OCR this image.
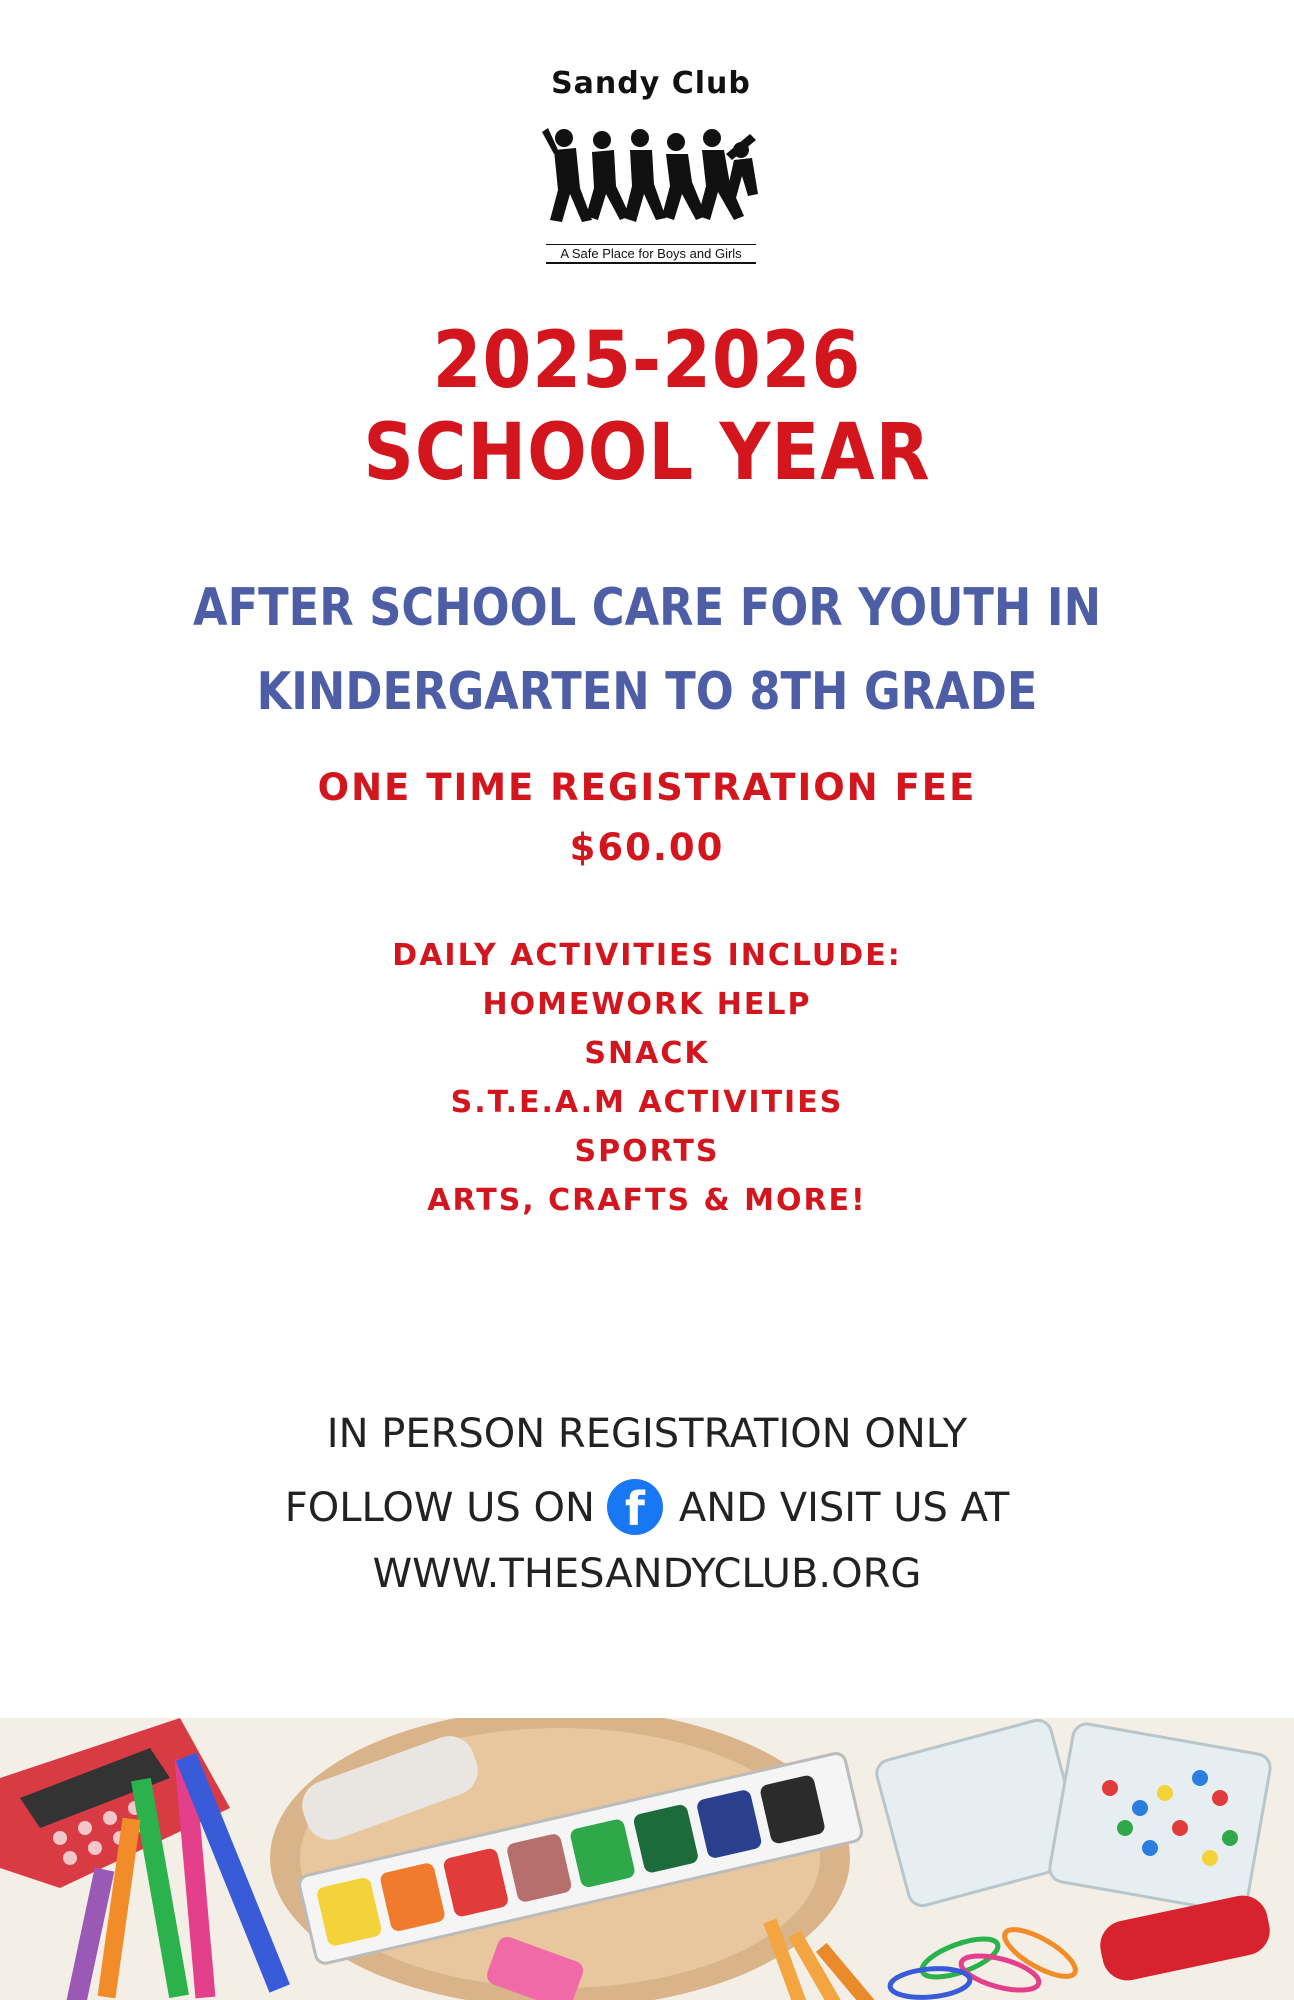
Sandy Club
A Safe Place for Boys and Girls
2025-2026
SCHOOL YEAR
AFTER SCHOOL CARE FOR YOUTH IN
KINDERGARTEN TO 8TH GRADE
ONE TIME REGISTRATION FEE
$60.00
DAILY ACTIVITIES INCLUDE:
HOMEWORK HELP
SNACK
S.T.E.A.M ACTIVITIES
SPORTS
ARTS, CRAFTS & MORE!
IN PERSON REGISTRATION ONLY
FOLLOW US ON f AND VISIT US AT
WWW.THESANDYCLUB.ORG
